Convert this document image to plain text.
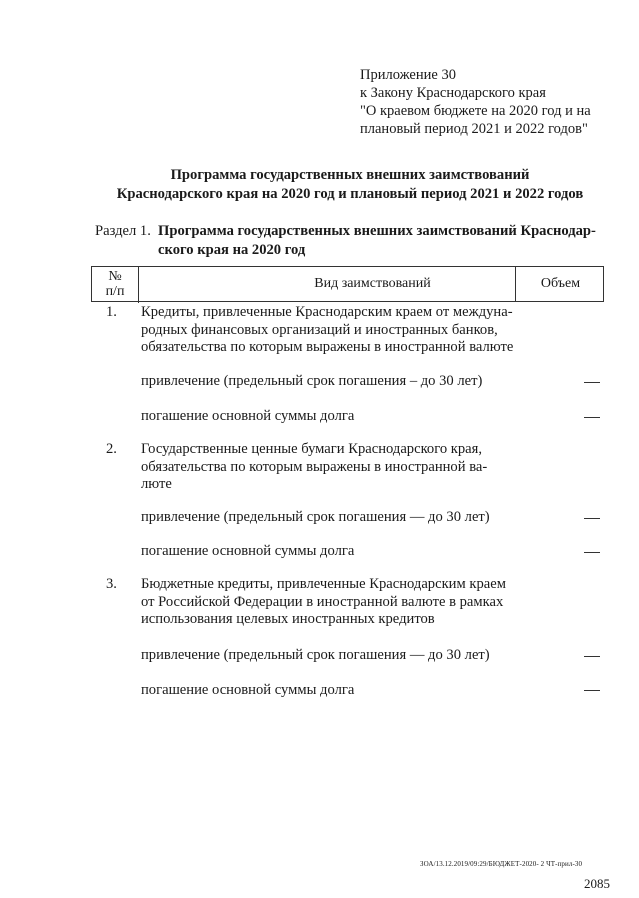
Приложение 30
к Закону Краснодарского края
"О краевом бюджете на 2020 год и на
плановый период 2021 и 2022 годов"
Программа государственных внешних заимствований
Краснодарского края на 2020 год и плановый период 2021 и 2022 годов
Раздел 1. Программа государственных внешних заимствований Краснодар-
ского края на 2020 год
№
п/п
Вид заимствований	Объем
1. Кредиты, привлеченные Краснодарским краем от междуна-
родных финансовых организаций и иностранных банков,
обязательства по которым выражены в иностранной валюте
привлечение (предельный срок погашения – до 30 лет)
погашение основной суммы долга
2. Государственные ценные бумаги Краснодарского края,
обязательства по которым выражены в иностранной ва-
люте
привлечение (предельный срок погашения — до 30 лет)
погашение основной суммы долга
3. Бюджетные кредиты, привлеченные Краснодарским краем
от Российской Федерации в иностранной валюте в рамках
использования целевых иностранных кредитов
привлечение (предельный срок погашения — до 30 лет)
погашение основной суммы долга
ЗОА/13.12.2019/09:29/БЮДЖЕТ-2020- 2 ЧТ-прил-30
2085
